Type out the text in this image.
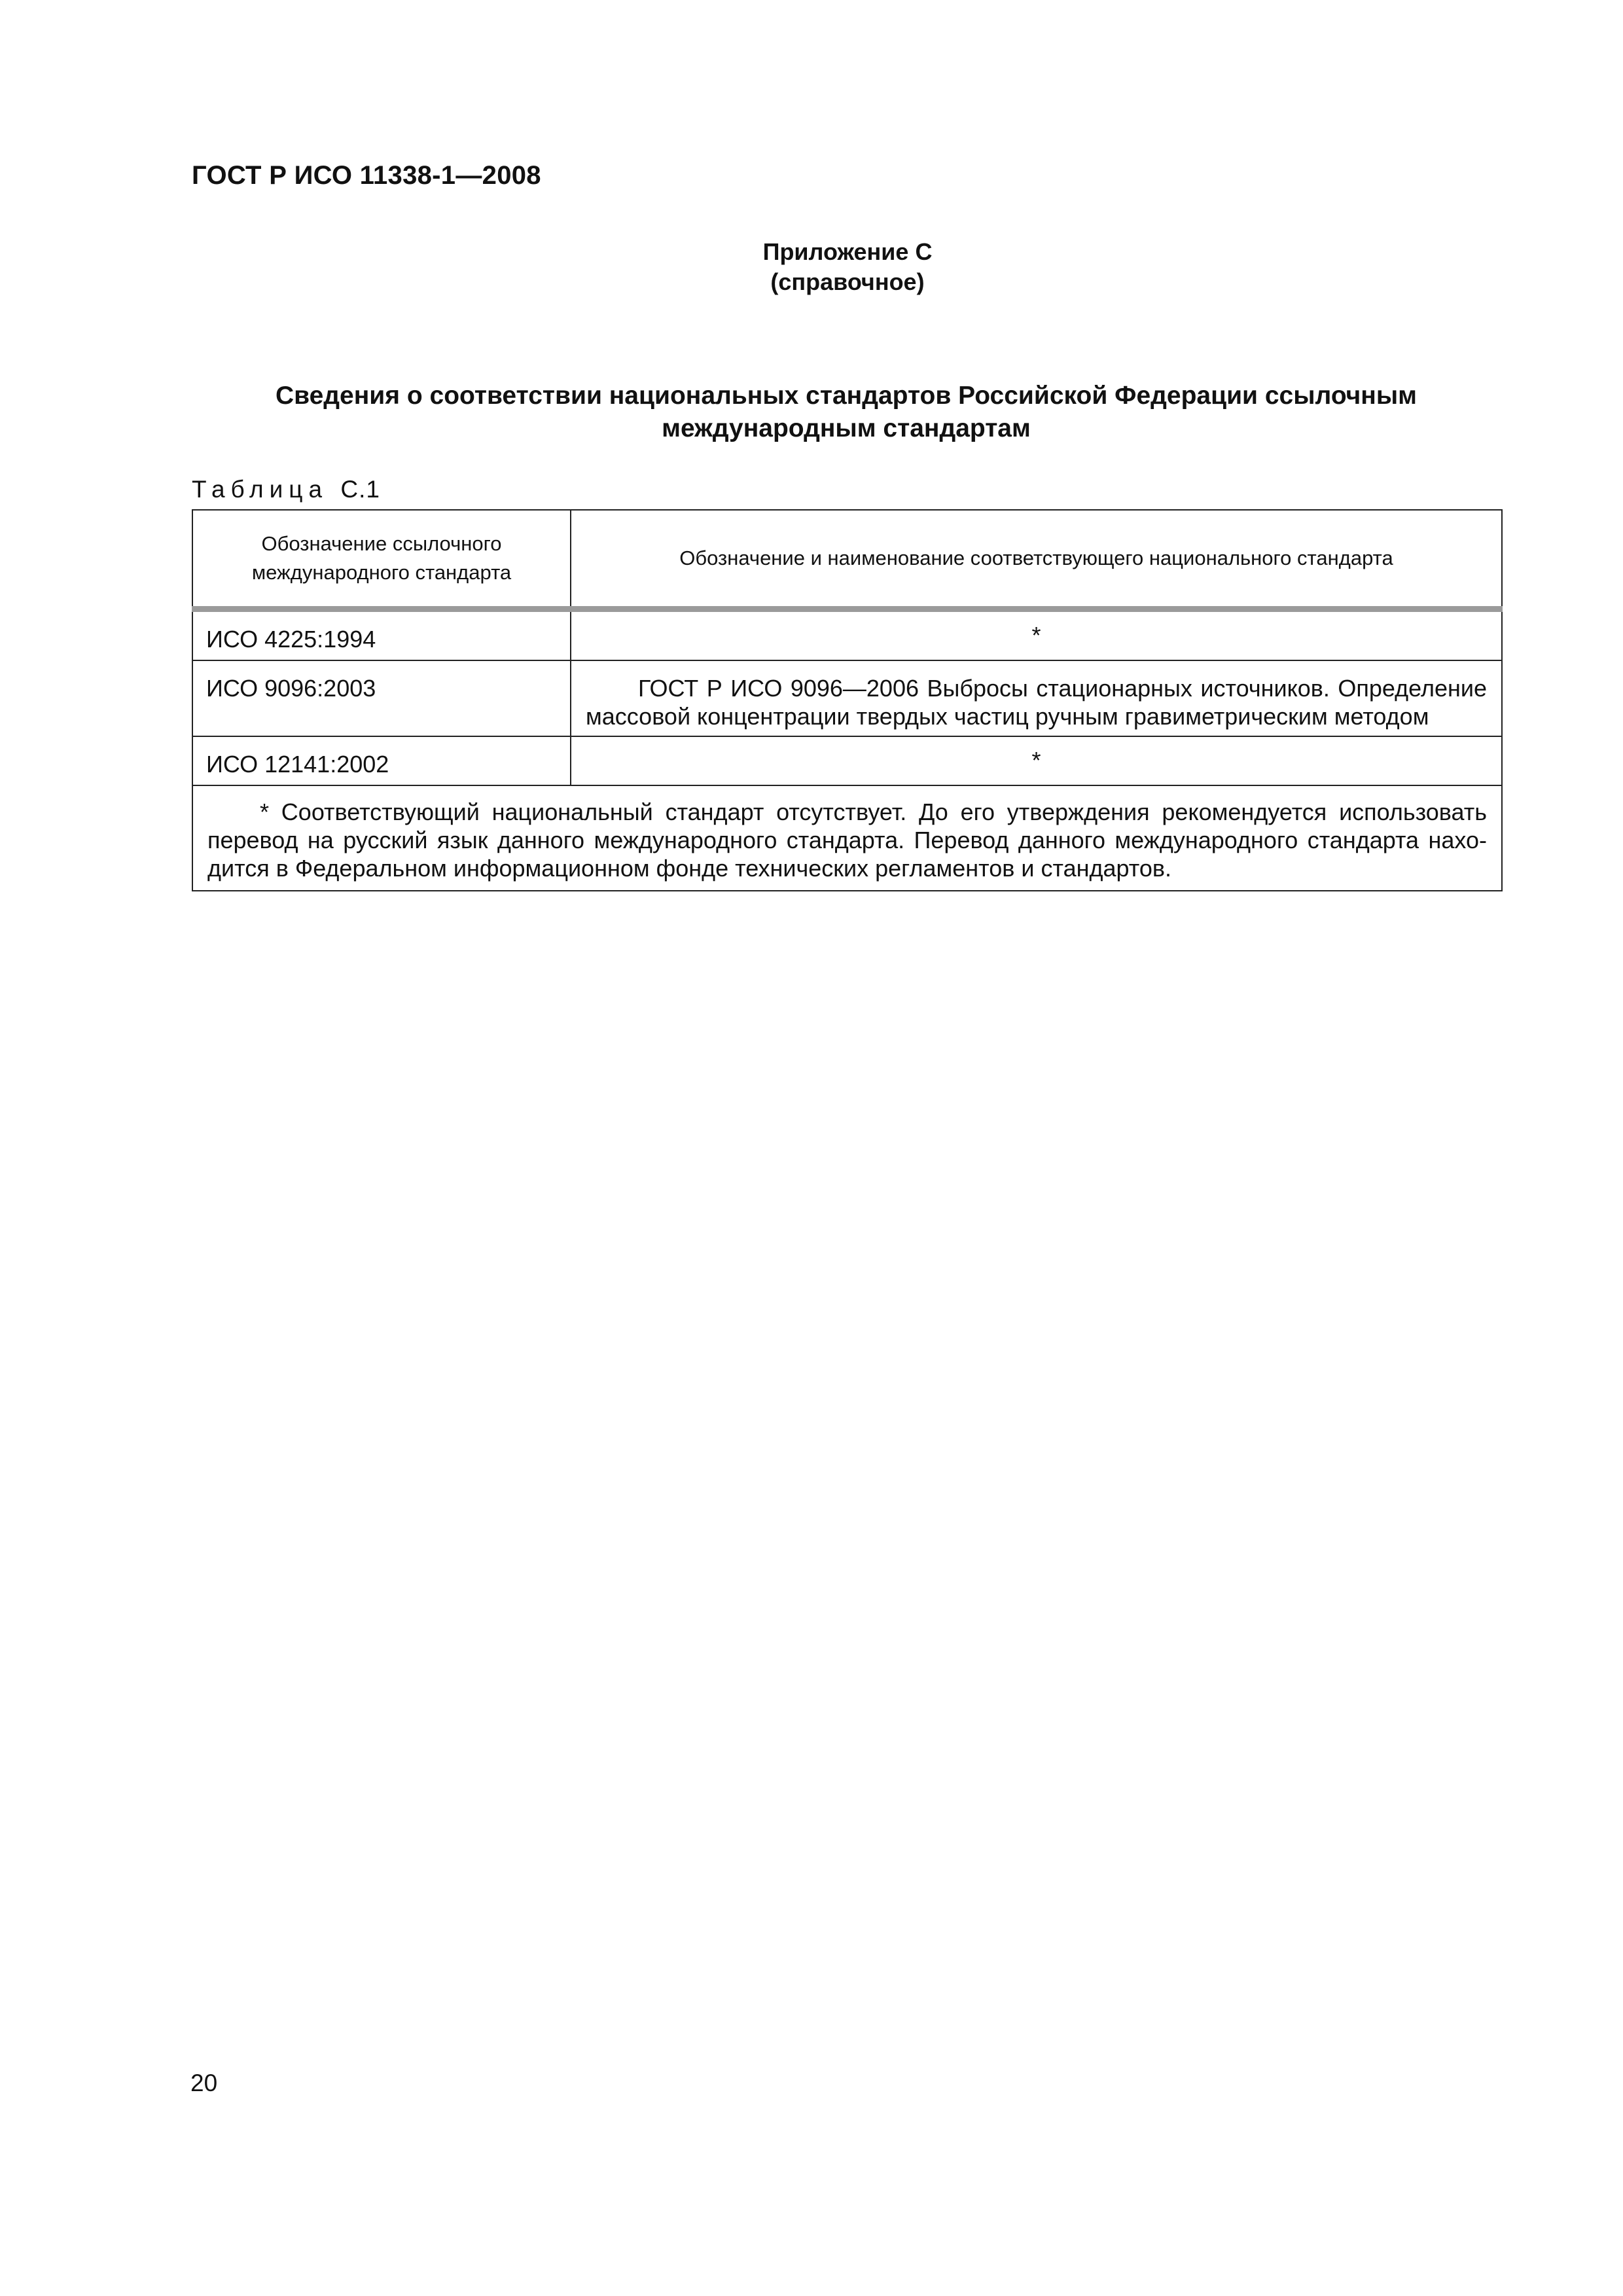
ГОСТ Р ИСО 11338-1—2008
Приложение С
(справочное)
Сведения о соответствии национальных стандартов Российской Федерации ссылочным
международным стандартам
Таблица С.1
Обозначение ссылочного
международного стандарта	Обозначение и наименование соответствующего национального стандарта
ИСО 4225:1994	*
ИСО 9096:2003	ГОСТ Р ИСО 9096—2006 Выбросы стационарных источников. Определение массовой концентрации твердых частиц ручным гравиметрическим методом
ИСО 12141:2002	*
* Соответствующий национальный стандарт отсутствует. До его утверждения рекомендуется использовать перевод на русский язык данного международного стандарта. Перевод данного международного стандарта находится в Федеральном информационном фонде технических регламентов и стандартов.	
20
